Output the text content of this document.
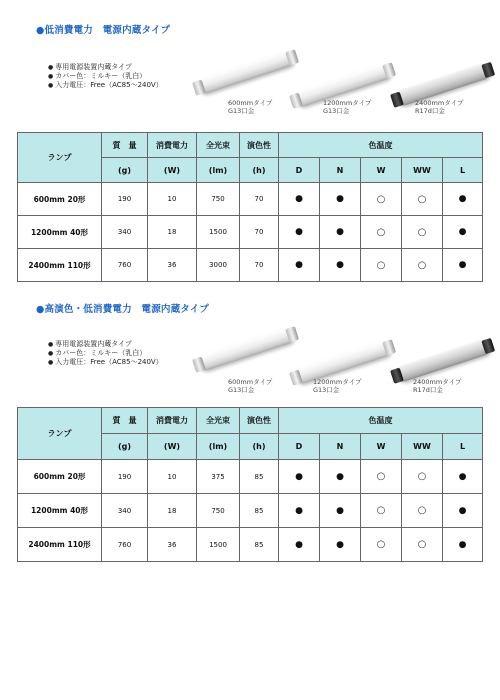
●低消費電力　電源内蔵タイプ
● 専用電源装置内蔵タイプ
● カバー色：ミルキー（乳白）
● 入力電圧：Free（AC85～240V）
600mmタイプ
G13口金
1200mmタイプ
G13口金
2400mmタイプ
R17d口金
ランプ	質　量	消費電力	全光束	演色性	色温度				
	(g)	(W)	(lm)	(h)	D	N	W	WW	L
600mm 20形	190	10	750	70	●	●	○	○	●
1200mm 40形	340	18	1500	70	●	●	○	○	●
2400mm 110形	760	36	3000	70	●	●	○	○	●
●高演色・低消費電力　電源内蔵タイプ
● 専用電源装置内蔵タイプ
● カバー色：ミルキー（乳白）
● 入力電圧：Free（AC85～240V）
600mmタイプ
G13口金
1200mmタイプ
G13口金
2400mmタイプ
R17d口金
ランプ	質　量	消費電力	全光束	演色性	色温度				
	(g)	(W)	(lm)	(h)	D	N	W	WW	L
600mm 20形	190	10	375	85	●	●	○	○	●
1200mm 40形	340	18	750	85	●	●	○	○	●
2400mm 110形	760	36	1500	85	●	●	○	○	●
